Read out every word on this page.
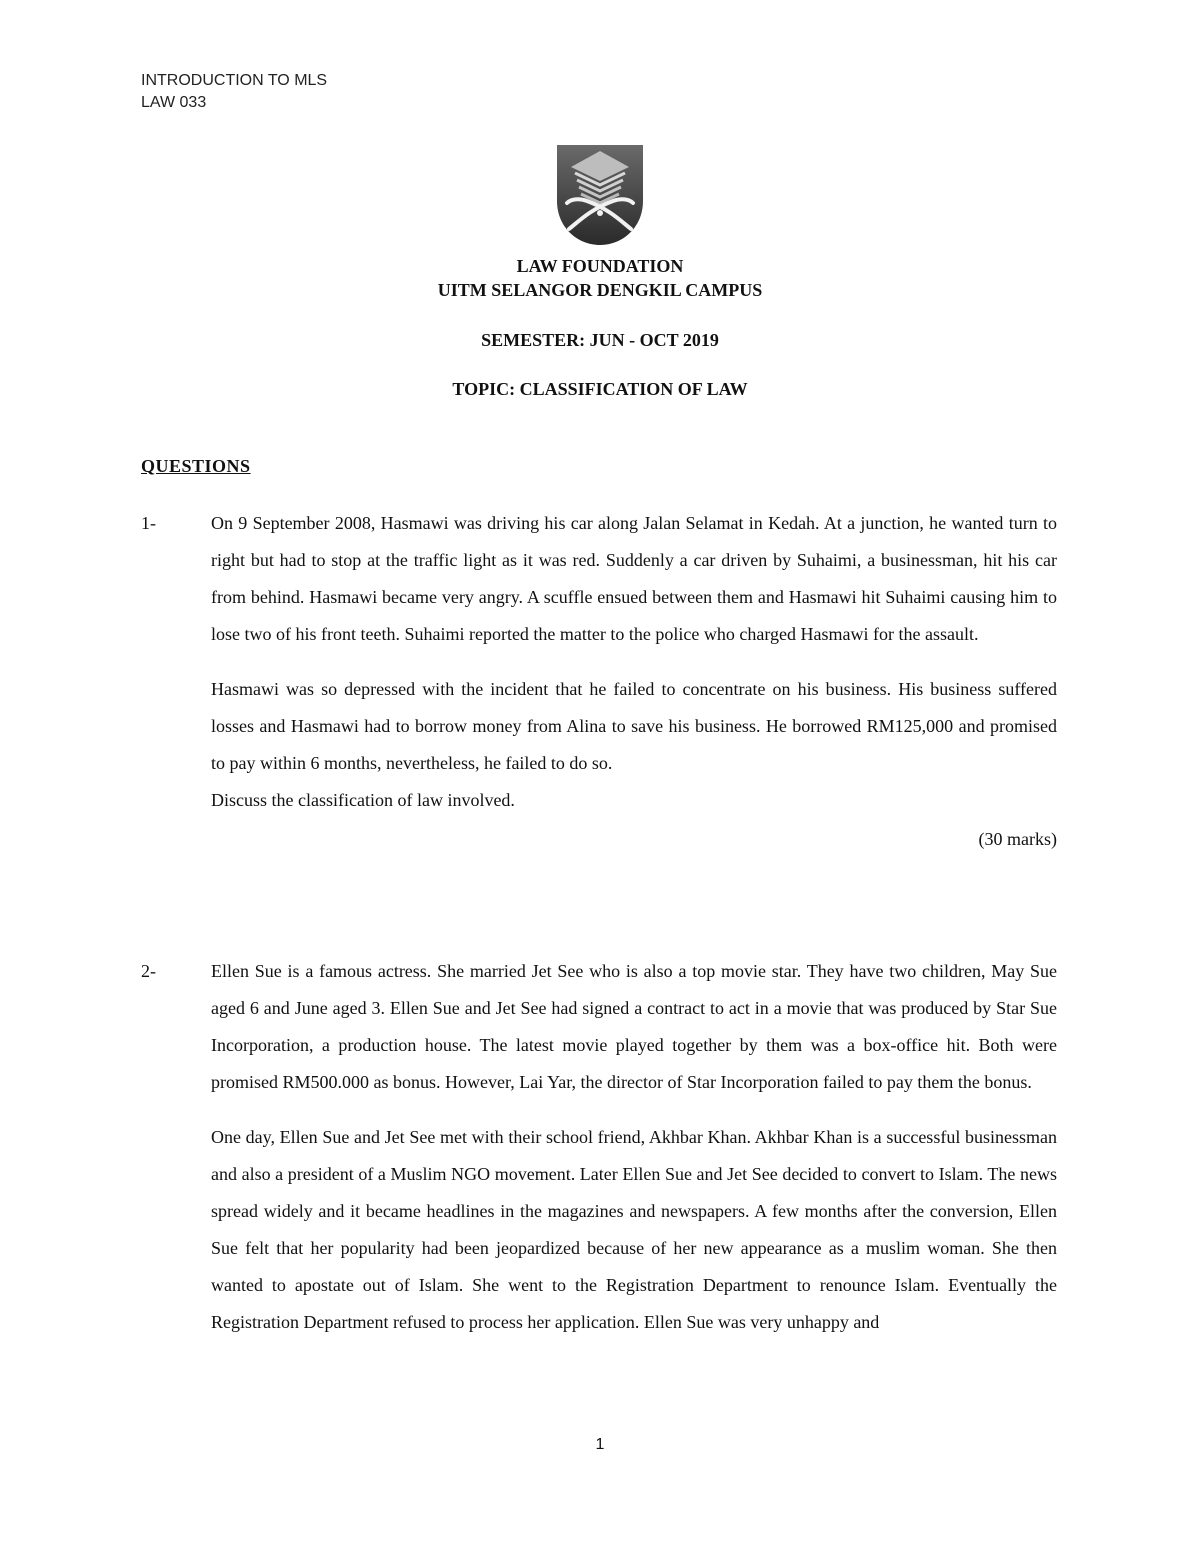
INTRODUCTION TO MLS
LAW 033
LAW FOUNDATION
UITM SELANGOR DENGKIL CAMPUS
SEMESTER: JUN - OCT 2019
TOPIC: CLASSIFICATION OF LAW
QUESTIONS
1-	On 9 September 2008, Hasmawi was driving his car along Jalan Selamat in Kedah. At a junction, he wanted turn to right but had to stop at the traffic light as it was red. Suddenly a car driven by Suhaimi, a businessman, hit his car from behind. Hasmawi became very angry. A scuffle ensued between them and Hasmawi hit Suhaimi causing him to lose two of his front teeth. Suhaimi reported the matter to the police who charged Hasmawi for the assault.

Hasmawi was so depressed with the incident that he failed to concentrate on his business. His business suffered losses and Hasmawi had to borrow money from Alina to save his business. He borrowed RM125,000 and promised to pay within 6 months, nevertheless, he failed to do so.

Discuss the classification of law involved.
(30 marks)
2-	Ellen Sue is a famous actress. She married Jet See who is also a top movie star. They have two children, May Sue aged 6 and June aged 3. Ellen Sue and Jet See had signed a contract to act in a movie that was produced by Star Sue Incorporation, a production house. The latest movie played together by them was a box-office hit. Both were promised RM500.000 as bonus. However, Lai Yar, the director of Star Incorporation failed to pay them the bonus.

One day, Ellen Sue and Jet See met with their school friend, Akhbar Khan. Akhbar Khan is a successful businessman and also a president of a Muslim NGO movement. Later Ellen Sue and Jet See decided to convert to Islam. The news spread widely and it became headlines in the magazines and newspapers. A few months after the conversion, Ellen Sue felt that her popularity had been jeopardized because of her new appearance as a muslim woman. She then wanted to apostate out of Islam. She went to the Registration Department to renounce Islam. Eventually the Registration Department refused to process her application. Ellen Sue was very unhappy and

1
